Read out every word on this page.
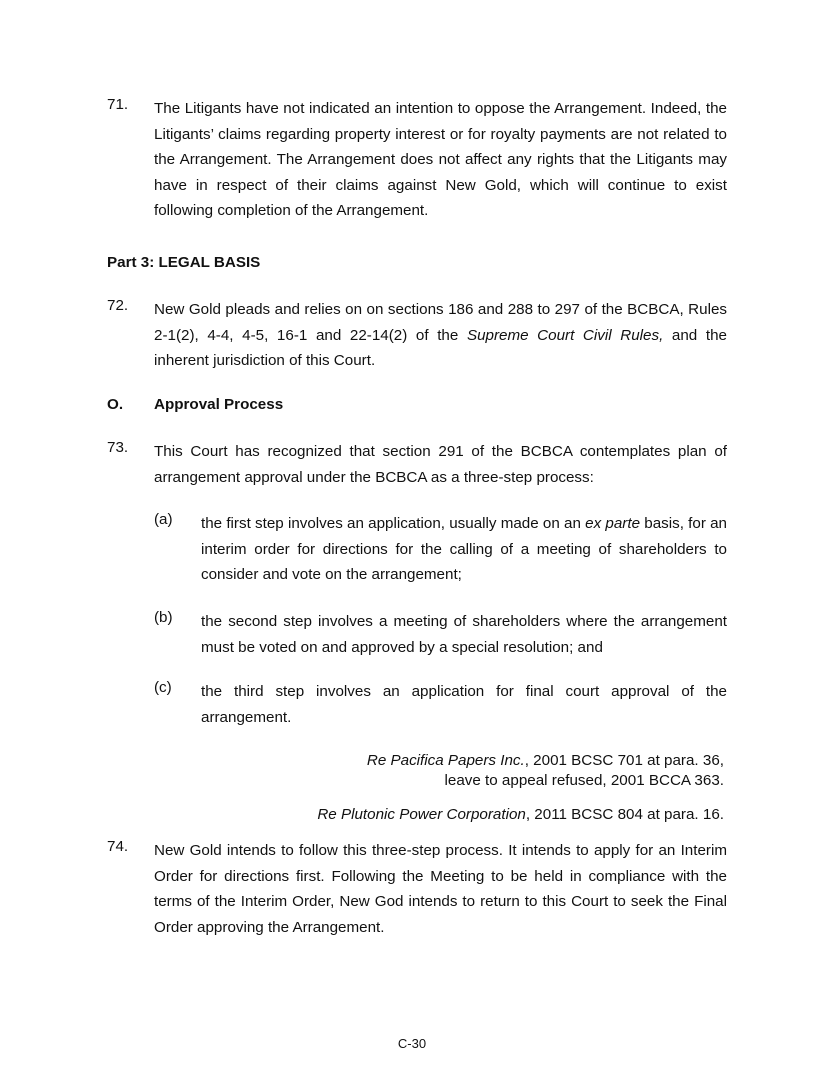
71. The Litigants have not indicated an intention to oppose the Arrangement. Indeed, the Litigants’ claims regarding property interest or for royalty payments are not related to the Arrangement. The Arrangement does not affect any rights that the Litigants may have in respect of their claims against New Gold, which will continue to exist following completion of the Arrangement.
Part 3: LEGAL BASIS
72. New Gold pleads and relies on on sections 186 and 288 to 297 of the BCBCA, Rules 2-1(2), 4-4, 4-5, 16-1 and 22-14(2) of the Supreme Court Civil Rules, and the inherent jurisdiction of this Court.
O. Approval Process
73. This Court has recognized that section 291 of the BCBCA contemplates plan of arrangement approval under the BCBCA as a three-step process:
(a) the first step involves an application, usually made on an ex parte basis, for an interim order for directions for the calling of a meeting of shareholders to consider and vote on the arrangement;
(b) the second step involves a meeting of shareholders where the arrangement must be voted on and approved by a special resolution; and
(c) the third step involves an application for final court approval of the arrangement.
Re Pacifica Papers Inc., 2001 BCSC 701 at para. 36,
leave to appeal refused, 2001 BCCA 363.
Re Plutonic Power Corporation, 2011 BCSC 804 at para. 16.
74. New Gold intends to follow this three-step process. It intends to apply for an Interim Order for directions first. Following the Meeting to be held in compliance with the terms of the Interim Order, New God intends to return to this Court to seek the Final Order approving the Arrangement.
C-30
